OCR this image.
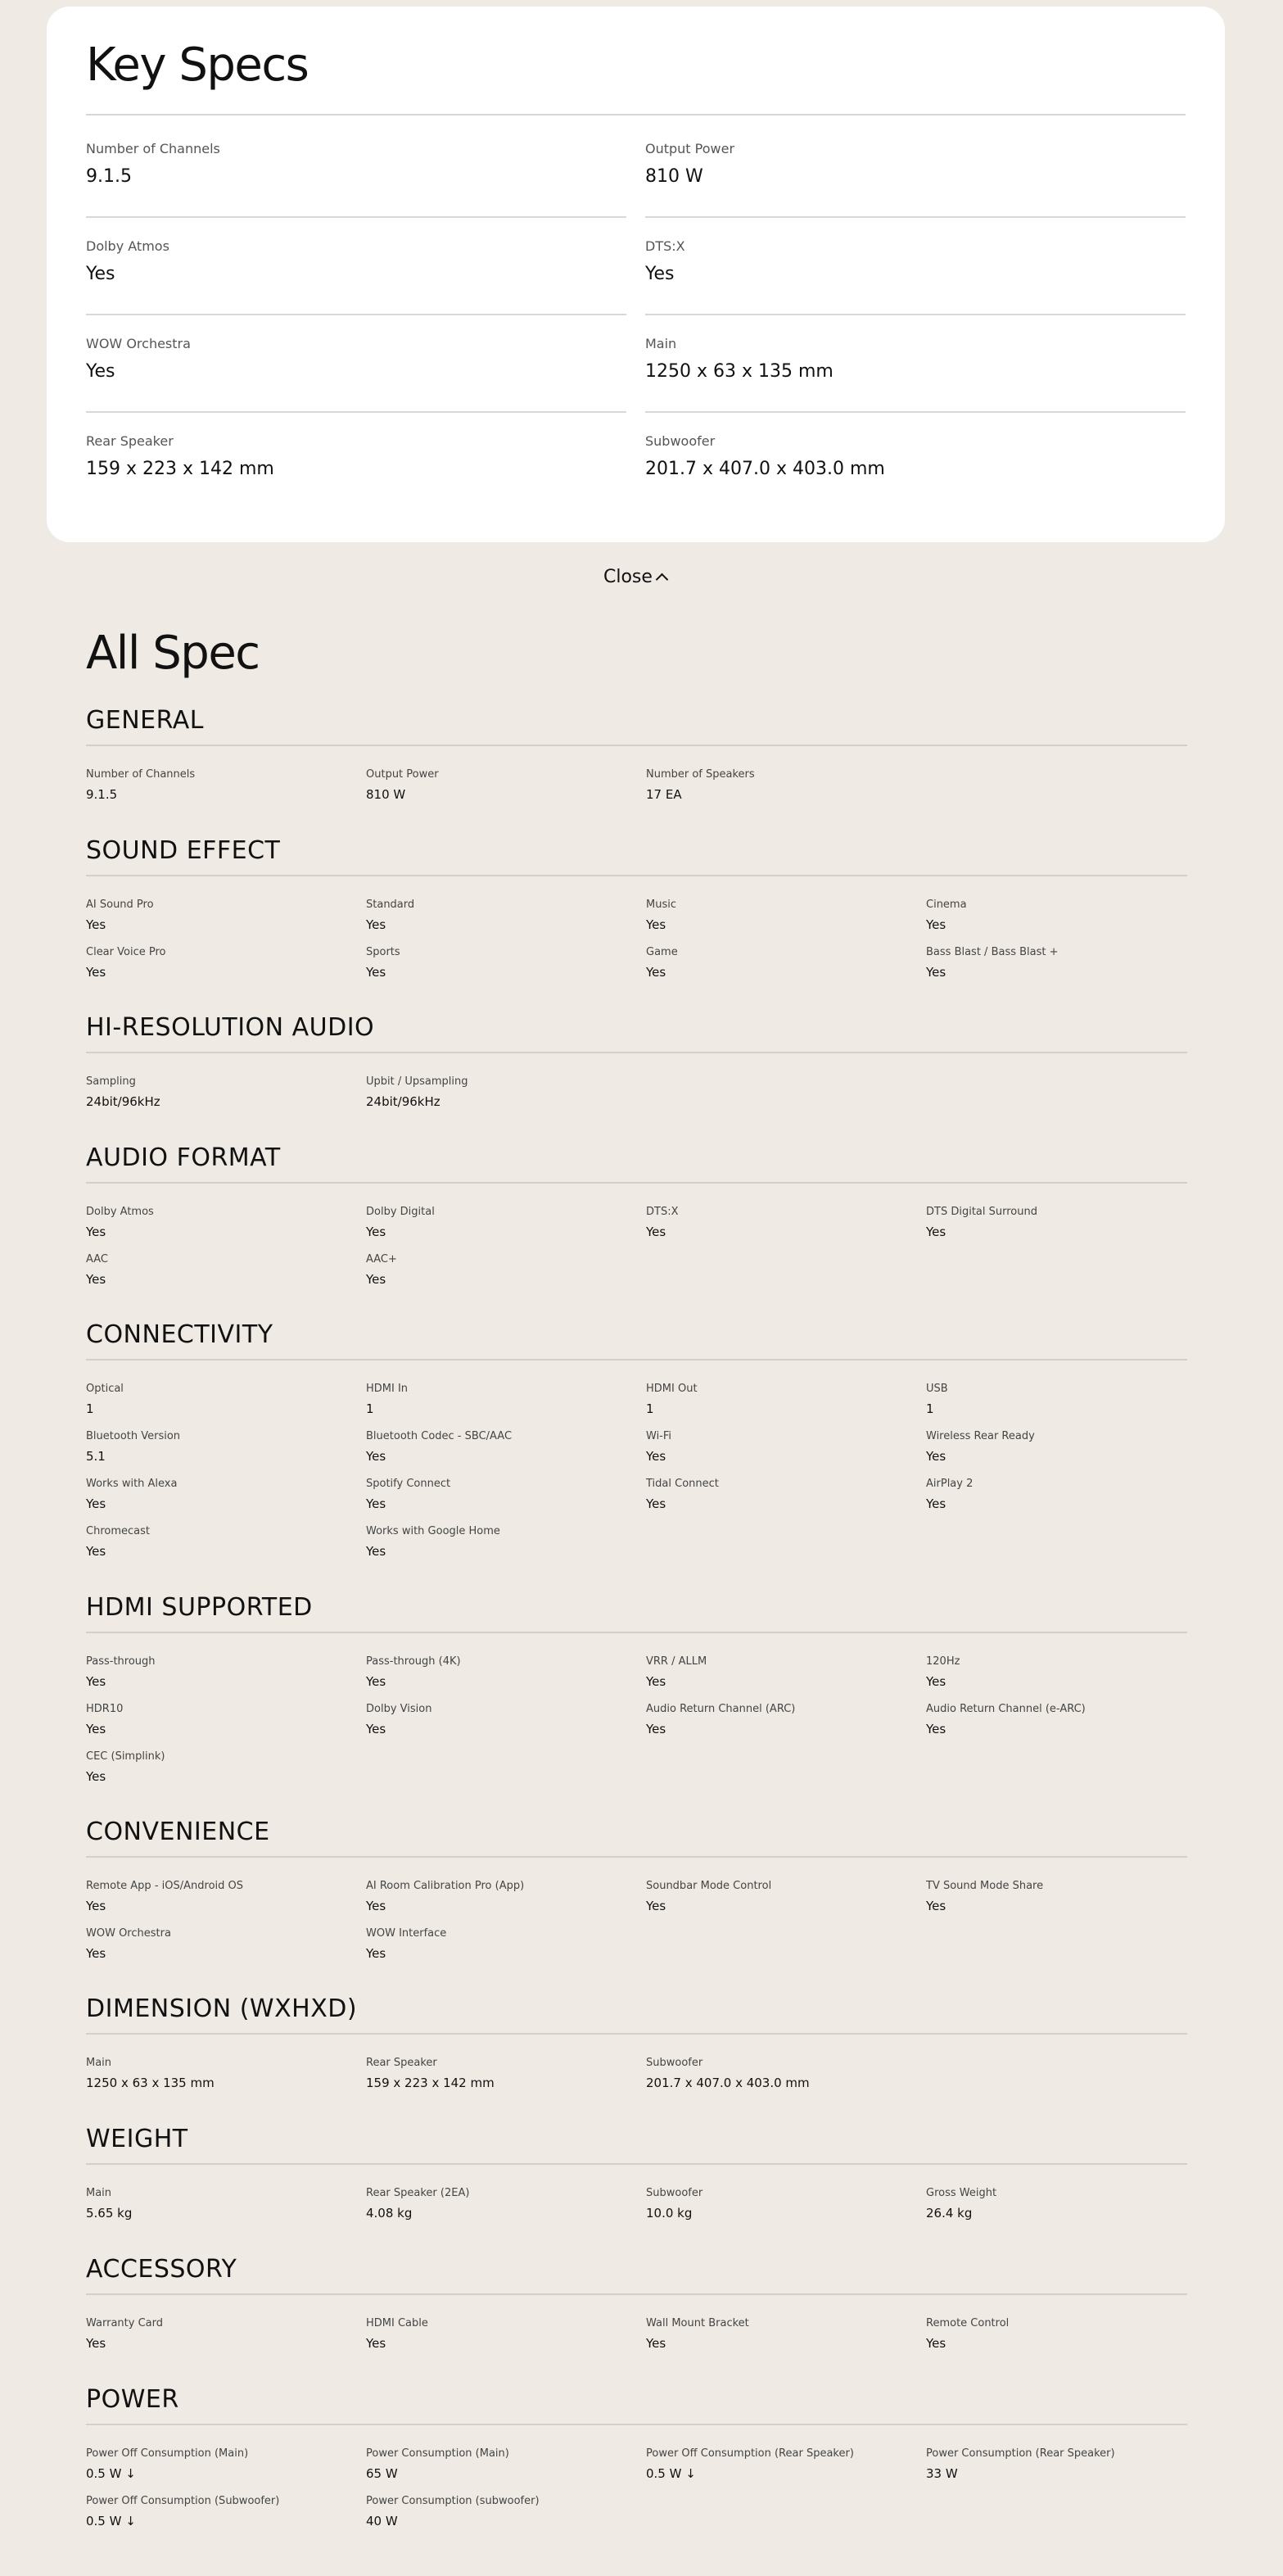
Key Specs
Number of Channels
9.1.5
Output Power
810 W
Dolby Atmos
Yes
DTS:X
Yes
WOW Orchestra
Yes
Main
1250 x 63 x 135 mm
Rear Speaker
159 x 223 x 142 mm
Subwoofer
201.7 x 407.0 x 403.0 mm
Close
All Spec
GENERAL
Number of Channels
9.1.5
Output Power
810 W
Number of Speakers
17 EA
SOUND EFFECT
AI Sound Pro
Yes
Standard
Yes
Music
Yes
Cinema
Yes
Clear Voice Pro
Yes
Sports
Yes
Game
Yes
Bass Blast / Bass Blast +
Yes
HI-RESOLUTION AUDIO
Sampling
24bit/96kHz
Upbit / Upsampling
24bit/96kHz
AUDIO FORMAT
Dolby Atmos
Yes
Dolby Digital
Yes
DTS:X
Yes
DTS Digital Surround
Yes
AAC
Yes
AAC+
Yes
CONNECTIVITY
Optical
1
HDMI In
1
HDMI Out
1
USB
1
Bluetooth Version
5.1
Bluetooth Codec - SBC/AAC
Yes
Wi-Fi
Yes
Wireless Rear Ready
Yes
Works with Alexa
Yes
Spotify Connect
Yes
Tidal Connect
Yes
AirPlay 2
Yes
Chromecast
Yes
Works with Google Home
Yes
HDMI SUPPORTED
Pass-through
Yes
Pass-through (4K)
Yes
VRR / ALLM
Yes
120Hz
Yes
HDR10
Yes
Dolby Vision
Yes
Audio Return Channel (ARC)
Yes
Audio Return Channel (e-ARC)
Yes
CEC (Simplink)
Yes
CONVENIENCE
Remote App - iOS/Android OS
Yes
AI Room Calibration Pro (App)
Yes
Soundbar Mode Control
Yes
TV Sound Mode Share
Yes
WOW Orchestra
Yes
WOW Interface
Yes
DIMENSION (WXHXD)
Main
1250 x 63 x 135 mm
Rear Speaker
159 x 223 x 142 mm
Subwoofer
201.7 x 407.0 x 403.0 mm
WEIGHT
Main
5.65 kg
Rear Speaker (2EA)
4.08 kg
Subwoofer
10.0 kg
Gross Weight
26.4 kg
ACCESSORY
Warranty Card
Yes
HDMI Cable
Yes
Wall Mount Bracket
Yes
Remote Control
Yes
POWER
Power Off Consumption (Main)
0.5 W ↓
Power Consumption (Main)
65 W
Power Off Consumption (Rear Speaker)
0.5 W ↓
Power Consumption (Rear Speaker)
33 W
Power Off Consumption (Subwoofer)
0.5 W ↓
Power Consumption (subwoofer)
40 W
